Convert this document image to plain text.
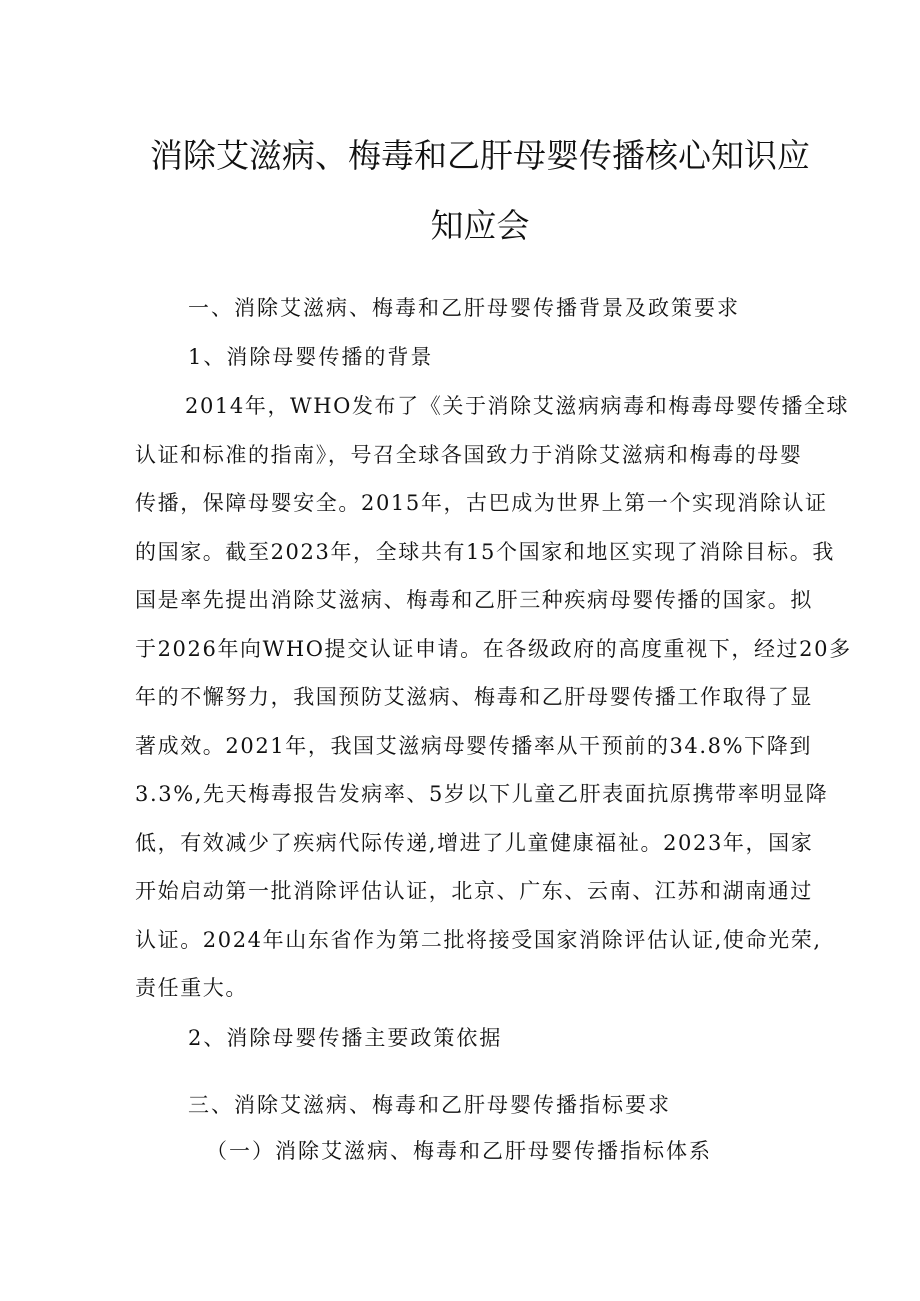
消除艾滋病、梅毒和乙肝母婴传播核心知识应
知应会
一、消除艾滋病、梅毒和乙肝母婴传播背景及政策要求
1、消除母婴传播的背景
2014年，WHO发布了《关于消除艾滋病病毒和梅毒母婴传播全球
认证和标准的指南》，号召全球各国致力于消除艾滋病和梅毒的母婴
传播，保障母婴安全。2015年，古巴成为世界上第一个实现消除认证
的国家。截至2023年，全球共有15个国家和地区实现了消除目标。我
国是率先提出消除艾滋病、梅毒和乙肝三种疾病母婴传播的国家。拟
于2026年向WHO提交认证申请。在各级政府的高度重视下，经过20多
年的不懈努力，我国预防艾滋病、梅毒和乙肝母婴传播工作取得了显
著成效。2021年，我国艾滋病母婴传播率从干预前的34.8%下降到
3.3%,先天梅毒报告发病率、5岁以下儿童乙肝表面抗原携带率明显降
低，有效减少了疾病代际传递,增进了儿童健康福祉。2023年，国家
开始启动第一批消除评估认证，北京、广东、云南、江苏和湖南通过
认证。2024年山东省作为第二批将接受国家消除评估认证,使命光荣,
责任重大。
2、消除母婴传播主要政策依据
三、消除艾滋病、梅毒和乙肝母婴传播指标要求
（一）消除艾滋病、梅毒和乙肝母婴传播指标体系
